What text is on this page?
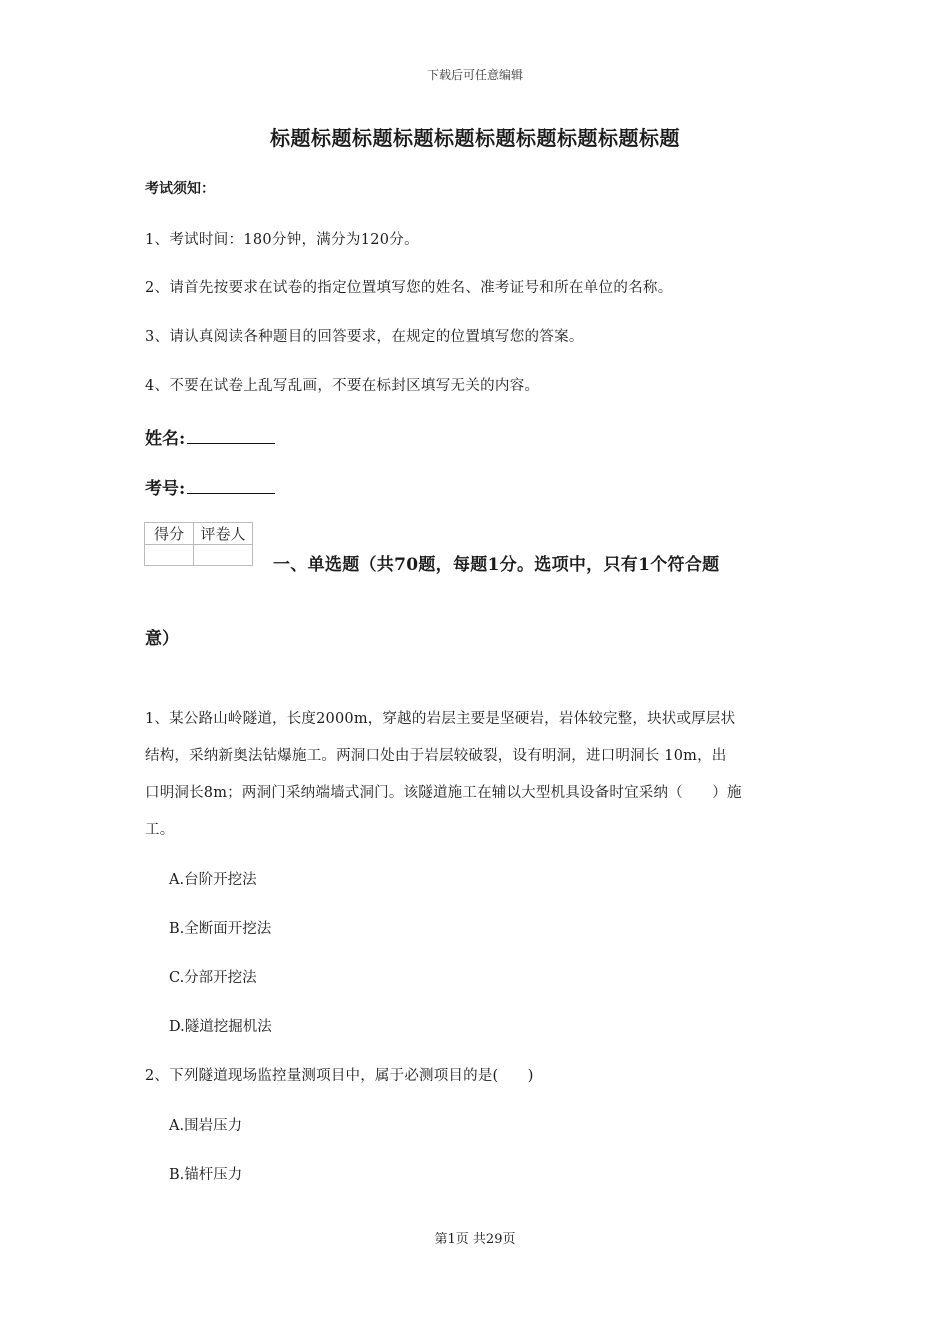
下载后可任意编辑
标题标题标题标题标题标题标题标题标题标题
考试须知：
1、考试时间：180分钟，满分为120分。
2、请首先按要求在试卷的指定位置填写您的姓名、准考证号和所在单位的名称。
3、请认真阅读各种题目的回答要求，在规定的位置填写您的答案。
4、不要在试卷上乱写乱画，不要在标封区填写无关的内容。
姓名:
考号:
得分	评卷人

一、单选题（共70题，每题1分。选项中，只有1个符合题
意）
1、某公路山岭隧道，长度2000m，穿越的岩层主要是坚硬岩，岩体较完整，块状或厚层状
结构，采纳新奥法钻爆施工。两洞口处由于岩层较破裂，设有明洞，进口明洞长 10m，出
口明洞长8m；两洞门采纳端墙式洞门。该隧道施工在辅以大型机具设备时宜采纳（　　）施
工。
A.台阶开挖法
B.全断面开挖法
C.分部开挖法
D.隧道挖掘机法
2、下列隧道现场监控量测项目中，属于必测项目的是(　　)
A.围岩压力
B.锚杆压力
第1页 共29页
